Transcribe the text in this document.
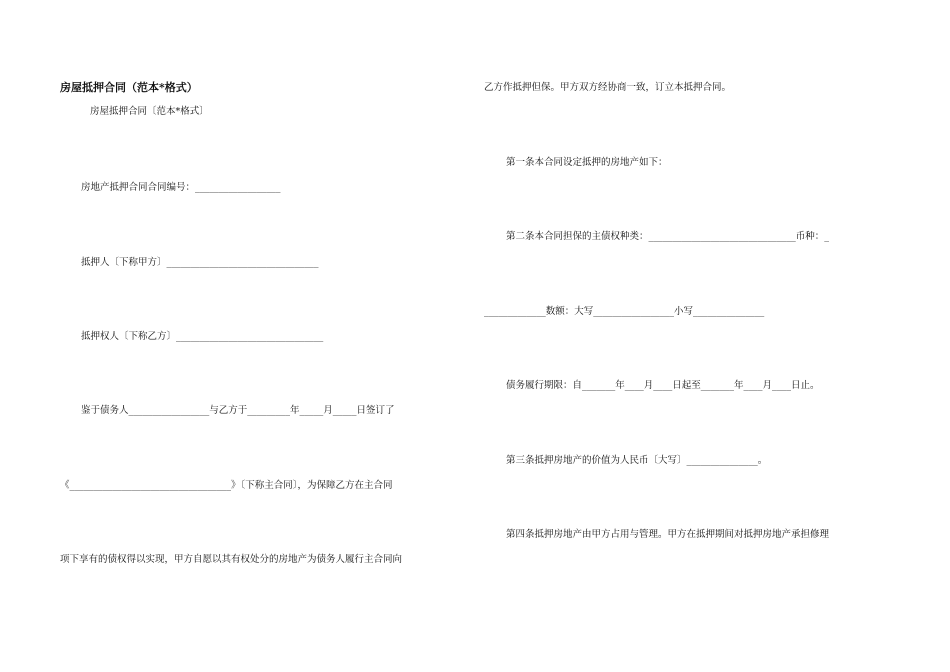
房屋抵押合同（范本*格式）
房屋抵押合同〔范本*格式〕
房地产抵押合同合同编号：__________________
抵押人〔下称甲方〕________________________________
抵押权人〔下称乙方〕_______________________________
鉴于债务人_________________与乙方于_________年_____月_____日签订了
《__________________________________》〔下称主合同〕，为保障乙方在主合同
项下享有的债权得以实现，甲方自愿以其有权处分的房地产为债务人履行主合同向
乙方作抵押但保。甲方双方经协商一致，订立本抵押合同。
第一条本合同设定抵押的房地产如下：
第二条本合同担保的主债权种类：_______________________________币种：_
_____________数额：大写_________________小写_______________
债务履行期限：自_______年____月____日起至_______年____月____日止。
第三条抵押房地产的价值为人民币〔大写〕_______________。
第四条抵押房地产由甲方占用与管理。甲方在抵押期间对抵押房地产承担修理
